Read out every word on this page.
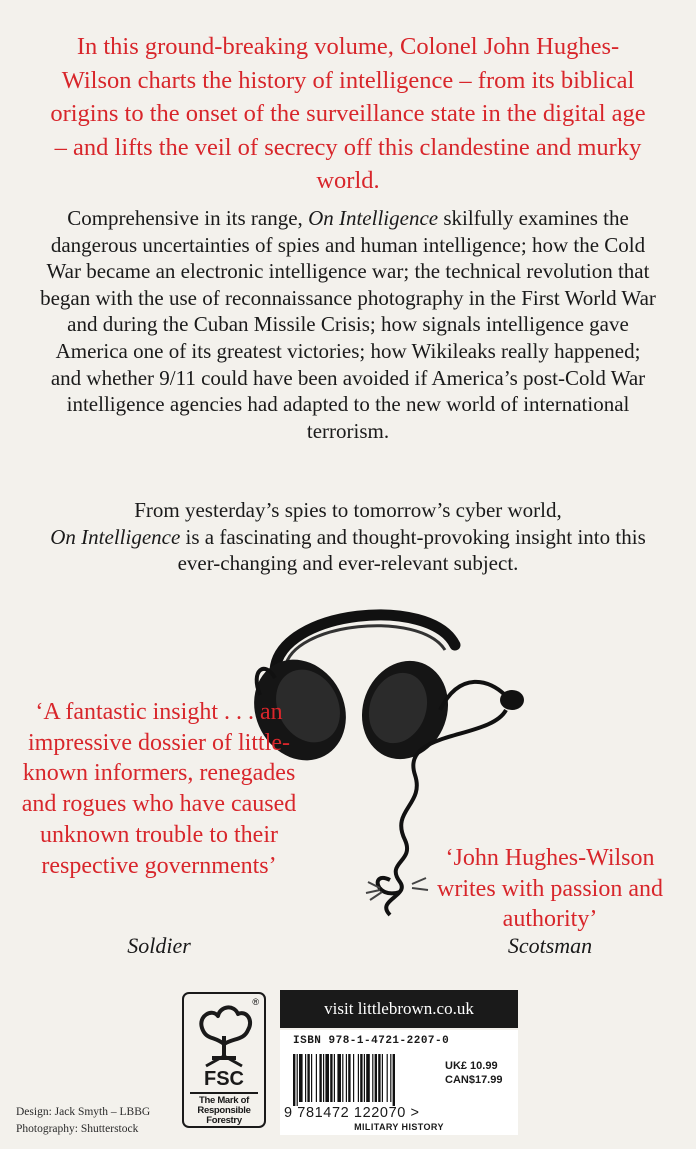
In this ground-breaking volume, Colonel John Hughes-Wilson charts the history of intelligence – from its biblical origins to the onset of the surveillance state in the digital age – and lifts the veil of secrecy off this clandestine and murky world.

Comprehensive in its range, On Intelligence skilfully examines the dangerous uncertainties of spies and human intelligence; how the Cold War became an electronic intelligence war; the technical revolution that began with the use of reconnaissance photography in the First World War and during the Cuban Missile Crisis; how signals intelligence gave America one of its greatest victories; how Wikileaks really happened; and whether 9/11 could have been avoided if America’s post-Cold War intelligence agencies had adapted to the new world of international terrorism.

From yesterday’s spies to tomorrow’s cyber world,
On Intelligence is a fascinating and thought-provoking insight into this ever-changing and ever-relevant subject.

‘A fantastic insight . . . an impressive dossier of little-known informers, renegades and rogues who have caused unknown trouble to their respective governments’

Soldier

‘John Hughes-Wilson writes with passion and authority’

Scotsman

®
FSC
The Mark of Responsible Forestry
Design: Jack Smyth – LBBG
Photography: Shutterstock
visit littlebrown.co.uk
ISBN 978-1-4721-2207-0
UK£ 10.99
CAN$17.99
9 781472 122070 >
MILITARY HISTORY
